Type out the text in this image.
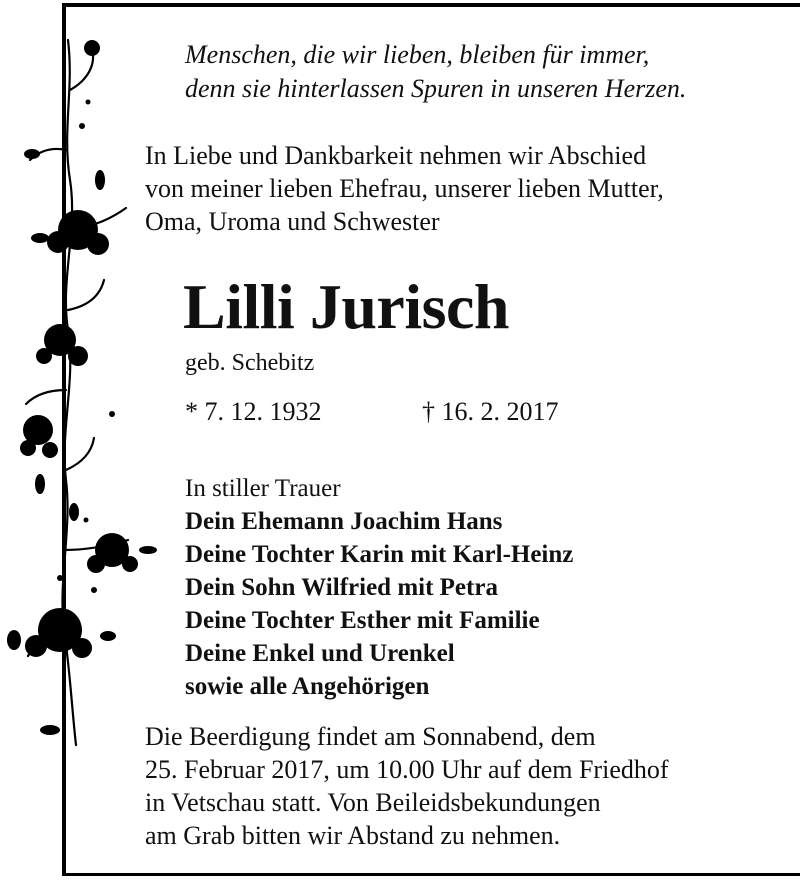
Menschen, die wir lieben, bleiben für immer,

denn sie hinterlassen Spuren in unseren Herzen.

In Liebe und Dankbarkeit nehmen wir Abschied

von meiner lieben Ehefrau, unserer lieben Mutter,

Oma, Uroma und Schwester

Lilli Jurisch

geb. Schebitz

* 7. 12. 1932	† 16. 2. 2017

In stiller Trauer

Dein Ehemann Joachim Hans

Deine Tochter Karin mit Karl-Heinz

Dein Sohn Wilfried mit Petra

Deine Tochter Esther mit Familie

Deine Enkel und Urenkel

sowie alle Angehörigen

Die Beerdigung findet am Sonnabend, dem

25. Februar 2017, um 10.00 Uhr auf dem Friedhof

in Vetschau statt. Von Beileidsbekundungen

am Grab bitten wir Abstand zu nehmen.
